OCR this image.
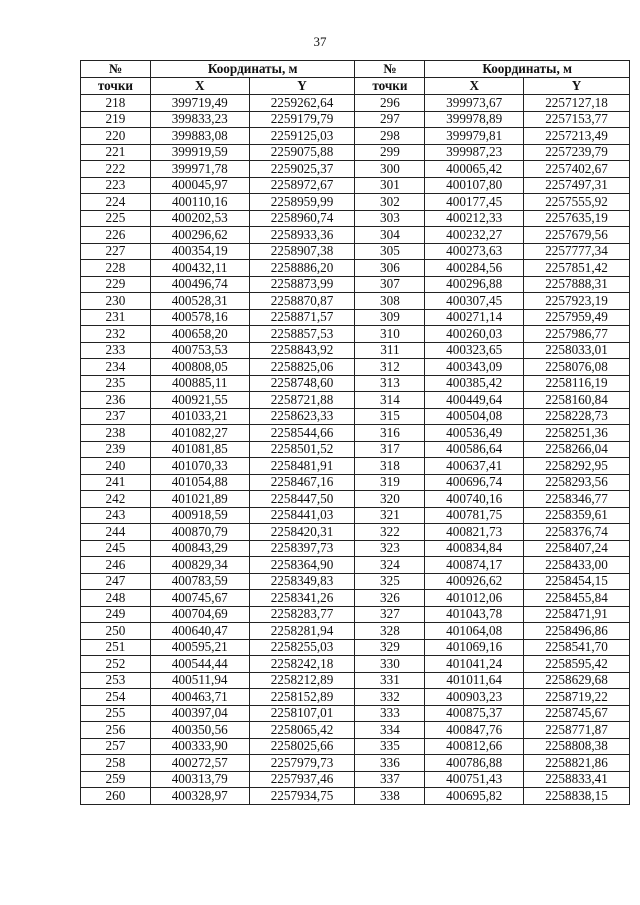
37
№	Координаты, м		№	Координаты, м	
точки	X	Y	точки	X	Y
218	399719,49	2259262,64	296	399973,67	2257127,18
219	399833,23	2259179,79	297	399978,89	2257153,77
220	399883,08	2259125,03	298	399979,81	2257213,49
221	399919,59	2259075,88	299	399987,23	2257239,79
222	399971,78	2259025,37	300	400065,42	2257402,67
223	400045,97	2258972,67	301	400107,80	2257497,31
224	400110,16	2258959,99	302	400177,45	2257555,92
225	400202,53	2258960,74	303	400212,33	2257635,19
226	400296,62	2258933,36	304	400232,27	2257679,56
227	400354,19	2258907,38	305	400273,63	2257777,34
228	400432,11	2258886,20	306	400284,56	2257851,42
229	400496,74	2258873,99	307	400296,88	2257888,31
230	400528,31	2258870,87	308	400307,45	2257923,19
231	400578,16	2258871,57	309	400271,14	2257959,49
232	400658,20	2258857,53	310	400260,03	2257986,77
233	400753,53	2258843,92	311	400323,65	2258033,01
234	400808,05	2258825,06	312	400343,09	2258076,08
235	400885,11	2258748,60	313	400385,42	2258116,19
236	400921,55	2258721,88	314	400449,64	2258160,84
237	401033,21	2258623,33	315	400504,08	2258228,73
238	401082,27	2258544,66	316	400536,49	2258251,36
239	401081,85	2258501,52	317	400586,64	2258266,04
240	401070,33	2258481,91	318	400637,41	2258292,95
241	401054,88	2258467,16	319	400696,74	2258293,56
242	401021,89	2258447,50	320	400740,16	2258346,77
243	400918,59	2258441,03	321	400781,75	2258359,61
244	400870,79	2258420,31	322	400821,73	2258376,74
245	400843,29	2258397,73	323	400834,84	2258407,24
246	400829,34	2258364,90	324	400874,17	2258433,00
247	400783,59	2258349,83	325	400926,62	2258454,15
248	400745,67	2258341,26	326	401012,06	2258455,84
249	400704,69	2258283,77	327	401043,78	2258471,91
250	400640,47	2258281,94	328	401064,08	2258496,86
251	400595,21	2258255,03	329	401069,16	2258541,70
252	400544,44	2258242,18	330	401041,24	2258595,42
253	400511,94	2258212,89	331	401011,64	2258629,68
254	400463,71	2258152,89	332	400903,23	2258719,22
255	400397,04	2258107,01	333	400875,37	2258745,67
256	400350,56	2258065,42	334	400847,76	2258771,87
257	400333,90	2258025,66	335	400812,66	2258808,38
258	400272,57	2257979,73	336	400786,88	2258821,86
259	400313,79	2257937,46	337	400751,43	2258833,41
260	400328,97	2257934,75	338	400695,82	2258838,15
